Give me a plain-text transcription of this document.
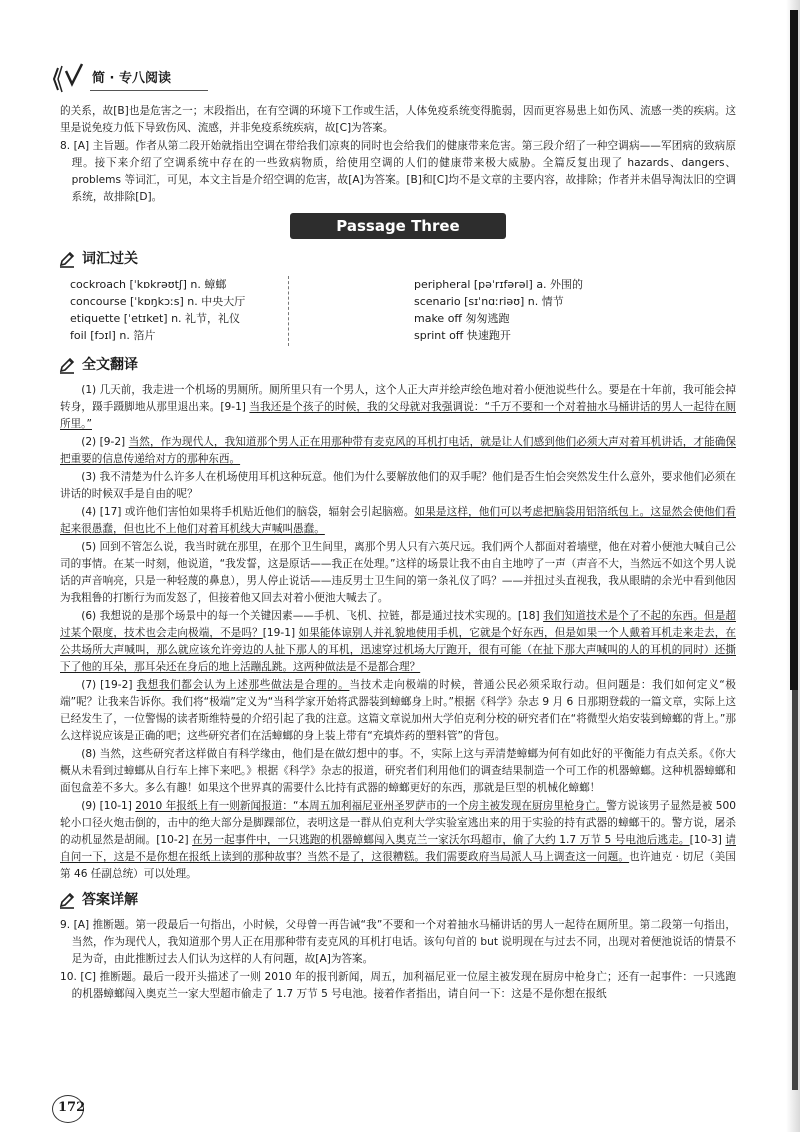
简 · 专八阅读

的关系，故[B]也是危害之一；末段指出，在有空调的环境下工作或生活，人体免疫系统变得脆弱，因而更容易患上如伤风、流感一类的疾病。这里是说免疫力低下导致伤风、流感，并非免疫系统疾病，故[C]为答案。

8. [A] 主旨题。作者从第二段开始就指出空调在带给我们凉爽的同时也会给我们的健康带来危害。第三段介绍了一种空调病——军团病的致病原理。接下来介绍了空调系统中存在的一些致病物质，给使用空调的人们的健康带来极大威胁。全篇反复出现了 hazards、dangers、problems 等词汇，可见，本文主旨是介绍空调的危害，故[A]为答案。[B]和[C]均不是文章的主要内容，故排除；作者并未倡导淘汰旧的空调系统，故排除[D]。

Passage Three
词汇过关
cockroach [ˈkɒkrəʊtʃ] n. 蟑螂
concourse [ˈkɒŋkɔːs] n. 中央大厅
etiquette [ˈetɪket] n. 礼节，礼仪
foil [fɔɪl] n. 箔片
peripheral [pəˈrɪfərəl] a. 外围的
scenario [sɪˈnɑːriəʊ] n. 情节
make off 匆匆逃跑
sprint off 快速跑开
全文翻译

(1) 几天前，我走进一个机场的男厕所。厕所里只有一个男人，这个人正大声并绘声绘色地对着小便池说些什么。要是在十年前，我可能会掉转身，蹑手蹑脚地从那里退出来。[9-1] 当我还是个孩子的时候，我的父母就对我强调说：“千万不要和一个对着抽水马桶讲话的男人一起待在厕所里。”

(2) [9-2] 当然，作为现代人，我知道那个男人正在用那种带有麦克风的耳机打电话，就是让人们感到他们必须大声对着耳机讲话，才能确保把重要的信息传递给对方的那种东西。

(3) 我不清楚为什么许多人在机场使用耳机这种玩意。他们为什么要解放他们的双手呢？他们是否生怕会突然发生什么意外，要求他们必须在讲话的时候双手是自由的呢？

(4) [17] 或许他们害怕如果将手机贴近他们的脑袋，辐射会引起脑癌。如果是这样，他们可以考虑把脑袋用铝箔纸包上。这显然会使他们看起来很愚蠢，但也比不上他们对着耳机线大声喊叫愚蠢。

(5) 回到不管怎么说，我当时就在那里，在那个卫生间里，离那个男人只有六英尺远。我们两个人都面对着墙壁，他在对着小便池大喊自己公司的事情。在某一时刻，他说道，“我发誓，这是原话——我正在处理。”这样的场景让我不由自主地哼了一声（声音不大，当然远不如这个男人说话的声音响亮，只是一种轻蔑的鼻息），男人停止说话——违反男士卫生间的第一条礼仪了吗？——并扭过头直视我，我从眼睛的余光中看到他因为我粗鲁的打断行为而发怒了，但接着他又回去对着小便池大喊去了。

(6) 我想说的是那个场景中的每一个关键因素——手机、飞机、拉链，都是通过技术实现的。[18] 我们知道技术是个了不起的东西。但是超过某个限度，技术也会走向极端，不是吗？[19-1] 如果能体谅别人并礼貌地使用手机，它就是个好东西，但是如果一个人戴着耳机走来走去，在公共场所大声喊叫，那么就应该允许旁边的人扯下那人的耳机，迅速穿过机场大厅跑开，很有可能（在扯下那大声喊叫的人的耳机的同时）还撕下了他的耳朵，那耳朵还在身后的地上活蹦乱跳。这两种做法是不是都合理？

(7) [19-2] 我想我们都会认为上述那些做法是合理的。当技术走向极端的时候，普通公民必须采取行动。但问题是：我们如何定义“极端”呢？让我来告诉你。我们将“极端”定义为“当科学家开始将武器装到蟑螂身上时。”根据《科学》杂志 9 月 6 日那期登载的一篇文章，实际上这已经发生了，一位警惕的读者斯维特曼的介绍引起了我的注意。这篇文章说加州大学伯克利分校的研究者们在“将微型火焰安装到蟑螂的背上。”那么这样说应该是正确的吧；这些研究者们在活蟑螂的身上装上带有“充填炸药的塑料管”的背包。

(8) 当然，这些研究者这样做自有科学缘由，他们是在做幻想中的事。不，实际上这与弄清楚蟑螂为何有如此好的平衡能力有点关系。《你大概从未看到过蟑螂从自行车上摔下来吧。》根据《科学》杂志的报道，研究者们利用他们的调查结果制造一个可工作的机器蟑螂。这种机器蟑螂和面包盒差不多大。多么有趣！如果这个世界真的需要什么比持有武器的蟑螂更好的东西，那就是巨型的机械化蟑螂！

(9) [10-1] 2010 年报纸上有一则新闻报道：“本周五加利福尼亚州圣罗萨市的一个房主被发现在厨房里枪身亡。警方说该男子显然是被 500 轮小口径火炮击倒的，击中的绝大部分是脚踝部位，表明这是一群从伯克利大学实验室逃出来的用于实验的持有武器的蟑螂干的。警方说，屠杀的动机显然是胡闹。[10-2] 在另一起事件中，一只逃跑的机器蟑螂闯入奥克兰一家沃尔玛超市，偷了大约 1.7 万节 5 号电池后逃走。[10-3] 请自问一下，这是不是你想在报纸上读到的那种故事？当然不是了，这很糟糕。我们需要政府当局派人马上调查这一问题。也许迪克 · 切尼（美国第 46 任副总统）可以处理。

答案详解

9. [A] 推断题。第一段最后一句指出，小时候，父母曾一再告诫“我”不要和一个对着抽水马桶讲话的男人一起待在厕所里。第二段第一句指出，当然，作为现代人，我知道那个男人正在用那种带有麦克风的耳机打电话。该句句首的 but 说明现在与过去不同，出现对着便池说话的情景不足为奇，由此推断过去人们认为这样的人有问题，故[A]为答案。

10. [C] 推断题。最后一段开头描述了一则 2010 年的报刊新闻，周五，加利福尼亚一位屋主被发现在厨房中枪身亡；还有一起事件：一只逃跑的机器蟑螂闯入奥克兰一家大型超市偷走了 1.7 万节 5 号电池。接着作者指出，请自问一下：这是不是你想在报纸

172
